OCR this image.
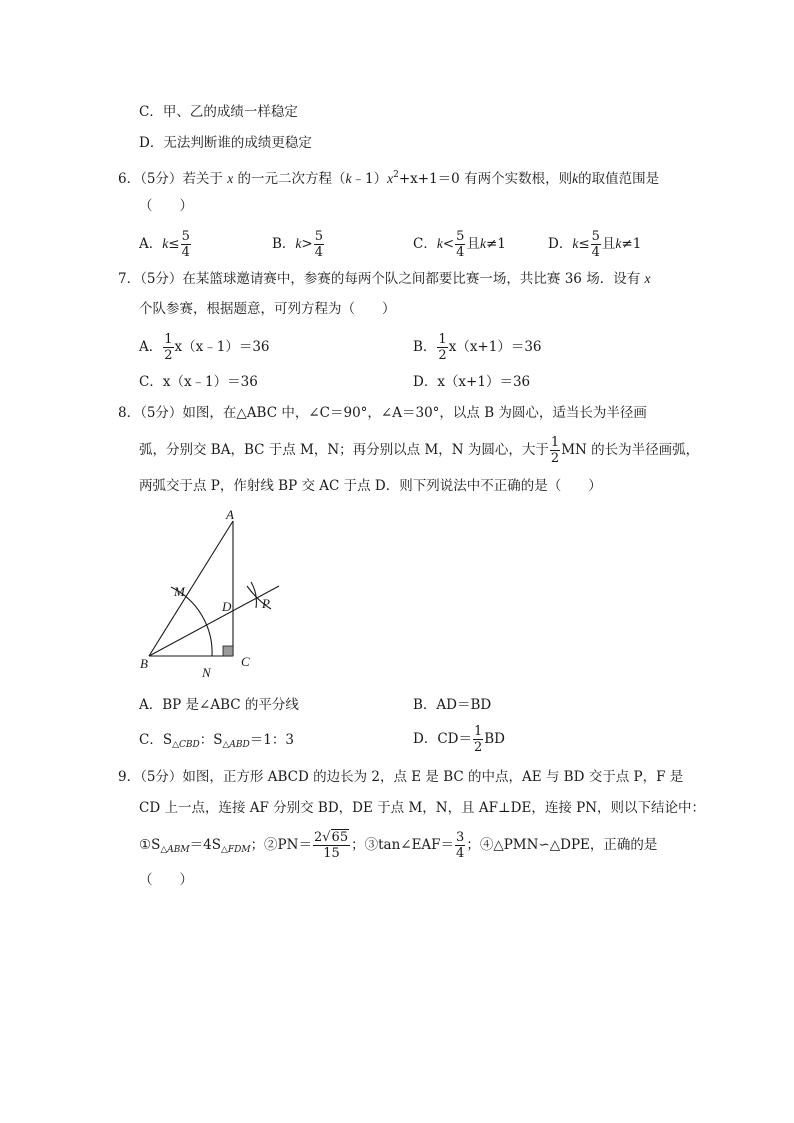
C．甲、乙的成绩一样稳定
D．无法判断谁的成绩更稳定
6．（5分）若关于 x 的一元二次方程$(k﹣1)x^2+x+1=0$ 有两个实数根，则k的取值范围是
（　　）
A．$k\le \frac{5}{4}$	B．$k> \frac{5}{4}$	C．$k< \frac{5}{4}$ 且k≠1	D．$k\le \frac{5}{4}$ 且k≠1
7．（5分）在某篮球邀请赛中，参赛的每两个队之间都要比赛一场，共比赛 36 场．设有 x
个队参赛，根据题意，可列方程为（　　）
A． $\frac{1}{2}$ x（x﹣1）＝36	B． $\frac{1}{2} x(x+1)=36$
C．x（x﹣1）＝36	D．x（x+1）＝36
8．（5分）如图，在△ABC 中，∠C＝90°，∠A＝30°，以点 B 为圆心，适当长为半径画
弧，分别交 BA，BC 于点 M，N；再分别以点 M，N 为圆心，大于 $\frac{1}{2}$ MN 的长为半径画弧，
两弧交于点 P，作射线 BP 交 AC 于点 D．则下列说法中不正确的是（　　）
A
B	C
D
M
N
P
A．BP 是∠ABC 的平分线	B．AD＝BD
C．$S_{\triangle CBD}$：$S_{\triangle ABD}=1$：3	D．$CD= \frac{1}{2}$ BD
9．（5分）如图，正方形 ABCD 的边长为 2，点 E 是 BC 的中点，AE 与 BD 交于点 P，F 是
CD 上一点，连接 AF 分别交 BD，DE 于点 M，N，且 AF⊥DE，连接 PN，则以下结论中：
$①S_{\triangle ABM}=4S_{\triangle FDM}$；②PN＝ $\frac{2√65}{15}$ ；③tan∠EAF＝ $\frac{3}{4}$ ；④△PMN∽△DPE，正确的是
（　　）
